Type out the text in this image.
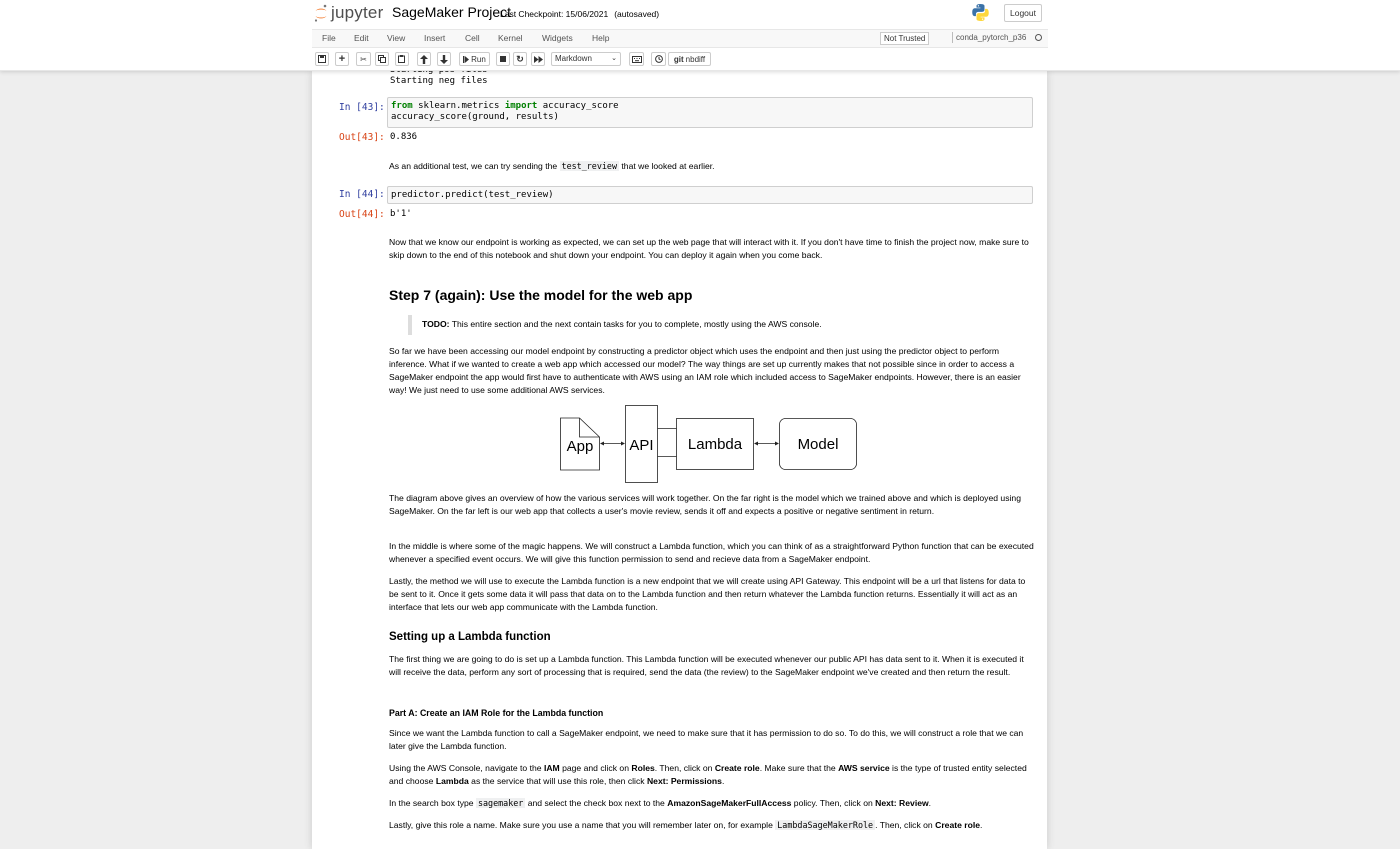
jupyter SageMaker Project
Last Checkpoint: 15/06/2021 (autosaved)	Logout
File Edit View Insert Cell Kernel Widgets Help	Not Trusted	conda_pytorch_p36
+ ✂	Run	↻	Markdown	⌄	git nbdiff
Starting neg files
In [43]: from sklearn.metrics import accuracy_score
accuracy_score(ground, results)
Out[43]: 0.836
As an additional test, we can try sending the test_review that we looked at earlier.
In [44]: predictor.predict(test_review)
Out[44]: b'1'
Now that we know our endpoint is working as expected, we can set up the web page that will interact with it. If you don't have time to finish the project now, make sure to skip down to the end of this notebook and shut down your endpoint. You can deploy it again when you come back.
Step 7 (again): Use the model for the web app
TODO: This entire section and the next contain tasks for you to complete, mostly using the AWS console.
So far we have been accessing our model endpoint by constructing a predictor object which uses the endpoint and then just using the predictor object to perform inference. What if we wanted to create a web app which accessed our model? The way things are set up currently makes that not possible since in order to access a SageMaker endpoint the app would first have to authenticate with AWS using an IAM role which included access to SageMaker endpoints. However, there is an easier way! We just need to use some additional AWS services.
App API Lambda	Model
The diagram above gives an overview of how the various services will work together. On the far right is the model which we trained above and which is deployed using SageMaker. On the far left is our web app that collects a user's movie review, sends it off and expects a positive or negative sentiment in return.
In the middle is where some of the magic happens. We will construct a Lambda function, which you can think of as a straightforward Python function that can be executed whenever a specified event occurs. We will give this function permission to send and recieve data from a SageMaker endpoint.
Lastly, the method we will use to execute the Lambda function is a new endpoint that we will create using API Gateway. This endpoint will be a url that listens for data to be sent to it. Once it gets some data it will pass that data on to the Lambda function and then return whatever the Lambda function returns. Essentially it will act as an interface that lets our web app communicate with the Lambda function.
Setting up a Lambda function
The first thing we are going to do is set up a Lambda function. This Lambda function will be executed whenever our public API has data sent to it. When it is executed it will receive the data, perform any sort of processing that is required, send the data (the review) to the SageMaker endpoint we've created and then return the result.
Part A: Create an IAM Role for the Lambda function
Since we want the Lambda function to call a SageMaker endpoint, we need to make sure that it has permission to do so. To do this, we will construct a role that we can later give the Lambda function.
Using the AWS Console, navigate to the IAM page and click on Roles. Then, click on Create role. Make sure that the AWS service is the type of trusted entity selected and choose Lambda as the service that will use this role, then click Next: Permissions.
In the search box type sagemaker and select the check box next to the AmazonSageMakerFullAccess policy. Then, click on Next: Review.
Lastly, give this role a name. Make sure you use a name that you will remember later on, for example LambdaSageMakerRole . Then, click on Create role.
